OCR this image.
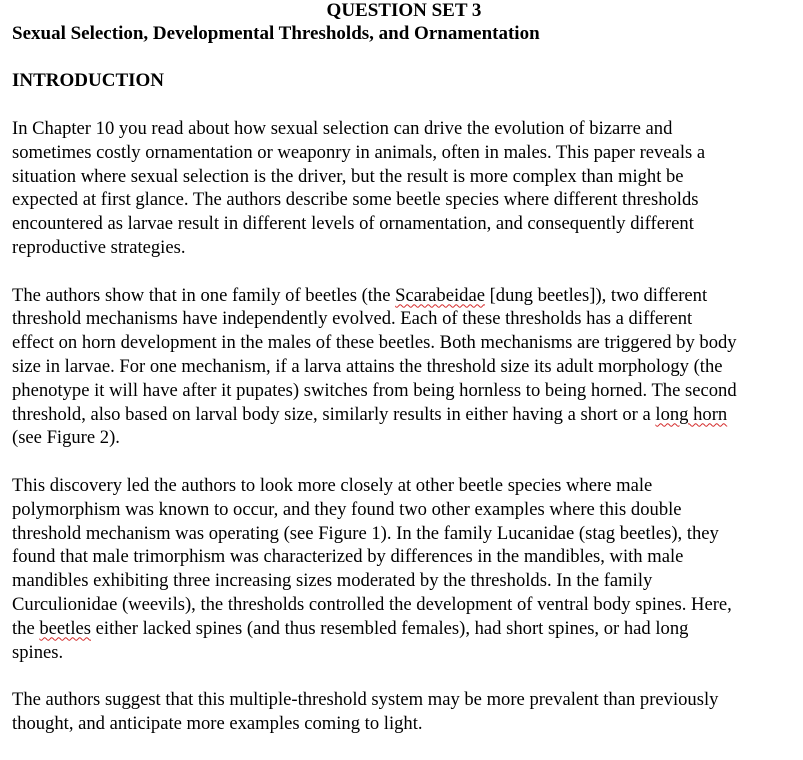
QUESTION SET 3

Sexual Selection, Developmental Thresholds, and Ornamentation

INTRODUCTION

In Chapter 10 you read about how sexual selection can drive the evolution of bizarre and
sometimes costly ornamentation or weaponry in animals, often in males. This paper reveals a
situation where sexual selection is the driver, but the result is more complex than might be
expected at first glance. The authors describe some beetle species where different thresholds
encountered as larvae result in different levels of ornamentation, and consequently different
reproductive strategies.

The authors show that in one family of beetles (the Scarabeidae [dung beetles]), two different
threshold mechanisms have independently evolved. Each of these thresholds has a different
effect on horn development in the males of these beetles. Both mechanisms are triggered by body
size in larvae. For one mechanism, if a larva attains the threshold size its adult morphology (the
phenotype it will have after it pupates) switches from being hornless to being horned. The second
threshold, also based on larval body size, similarly results in either having a short or a long horn
(see Figure 2).

This discovery led the authors to look more closely at other beetle species where male
polymorphism was known to occur, and they found two other examples where this double
threshold mechanism was operating (see Figure 1). In the family Lucanidae (stag beetles), they
found that male trimorphism was characterized by differences in the mandibles, with male
mandibles exhibiting three increasing sizes moderated by the thresholds. In the family
Curculionidae (weevils), the thresholds controlled the development of ventral body spines. Here,
the beetles either lacked spines (and thus resembled females), had short spines, or had long
spines.

The authors suggest that this multiple-threshold system may be more prevalent than previously
thought, and anticipate more examples coming to light.
